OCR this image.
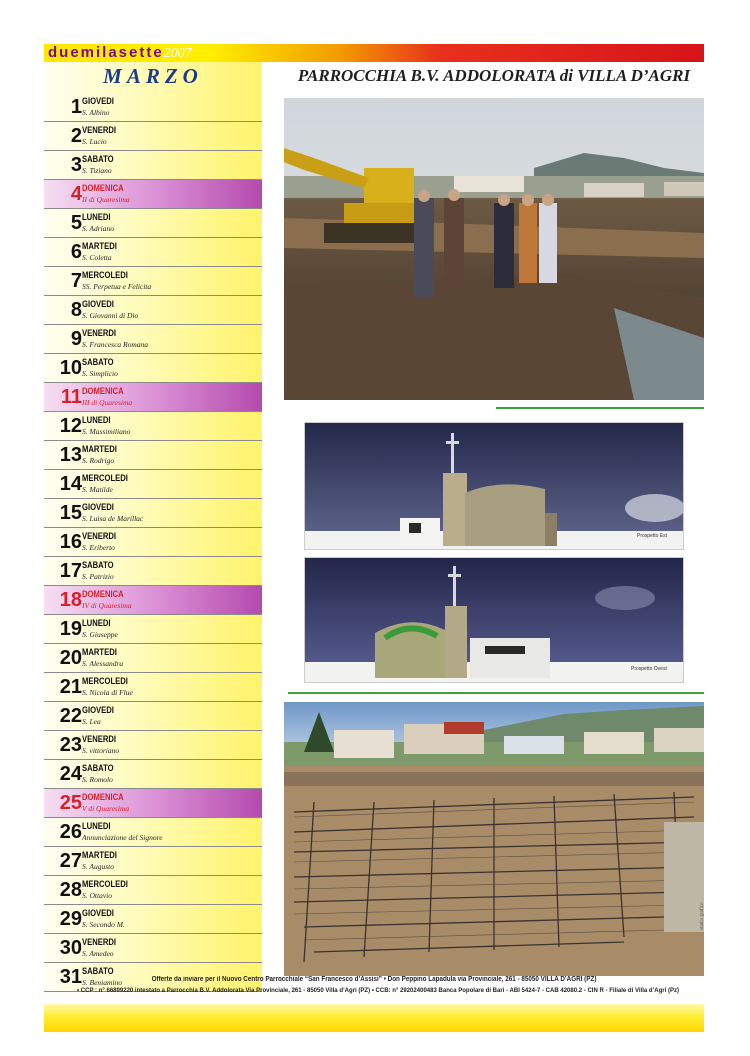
duemilasette2007
MARZO	PARROCCHIA B.V. ADDOLORATA di VILLA D’AGRI
1 GIOVEDI
S. Albino
2 VENERDI
S. Lucio
3 SABATO
S. Tiziano
4 DOMENICA
II di Quaresima
5 LUNEDI
S. Adriano
6 MARTEDI
S. Coletta
7 MERCOLEDI
SS. Perpetua e Felicita
8 GIOVEDI
S. Giovanni di Dio
9 VENERDI
S. Francesca Romana
10 SABATO
S. Simplicio
11 DOMENICA
III di Quaresima
12 LUNEDI
S. Massimiliano
13 MARTEDI
S. Rodrigo
14 MERCOLEDI
S. Matilde
15 GIOVEDI
S. Luisa de Marillac
16 VENERDI
S. Eriberto
17 SABATO
S. Patrizio
18 DOMENICA
IV di Quaresima
19 LUNEDI
S. Giuseppe
20 MARTEDI
S. Alessandra
21 MERCOLEDI
S. Nicola di Flue
22 GIOVEDI
S. Lea
23 VENERDI
S. vittoriano
24 SABATO
S. Romolo
25 DOMENICA
V di Quaresima
26 LUNEDI
Annunciazione del Signore
27 MARTEDI
S. Augusto
28 MERCOLEDI
S. Ottavio
29 GIOVEDI
S. Secondo M.
30 VENERDI
S. Amedeo
31 SABATO
S. Beniamino
Prospetto Est
Prospetto Ovest
studio grafico
Offerte da inviare per il Nuovo Centro Parrocchiale “San Francesco d’Assisi” • Don Peppino Lapadula via Provinciale, 261 - 85050 VILLA D’AGRI (PZ)
• CCP : n° 66899220 intestato a Parrocchia B.V. Addolorata Via Provinciale, 261 - 85050 Villa d’Agri (PZ) • CCB: n° 29202400483 Banca Popolare di Bari - ABI 5424-7 - CAB 42080.2 - CIN R - Filiale di Villa d’Agri (Pz)
